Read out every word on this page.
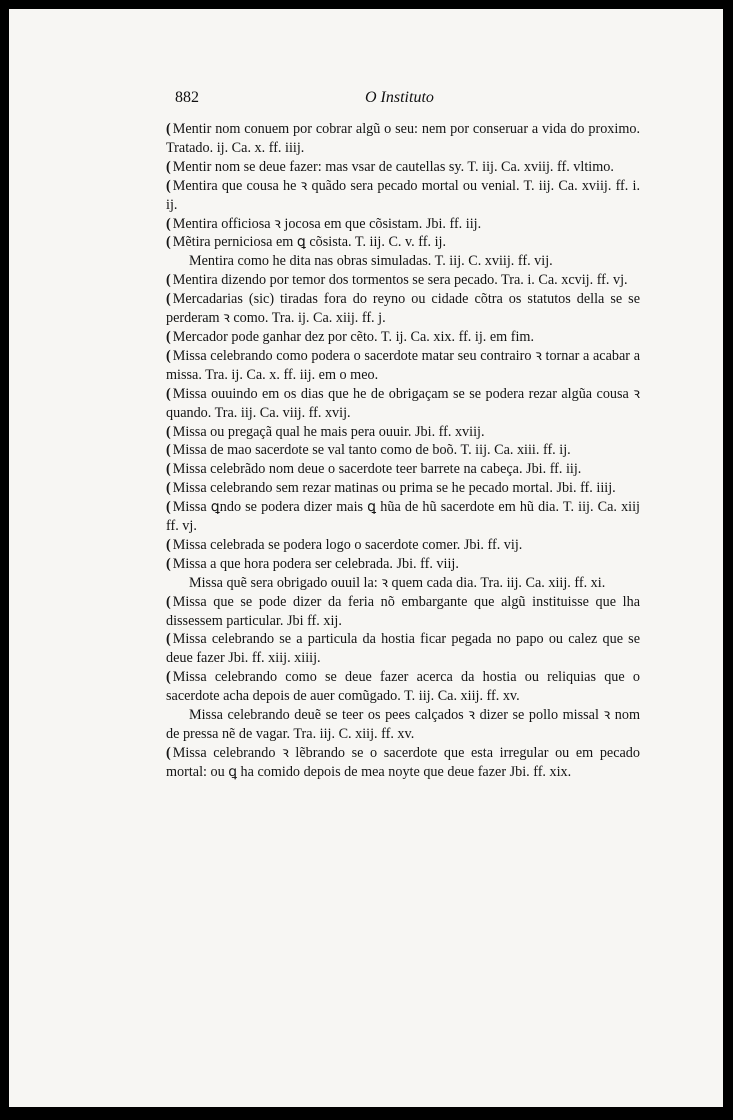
882	O Instituto

( Mentir nom conuem por cobrar algũ o seu: nem por conseruar a vida do proximo. Tratado. ij. Ca. x. ff. iiij.

( Mentir nom se deue fazer: mas vsar de cautellas sy. T. iij. Ca. xviij. ff. vltimo.

( Mentira que cousa he ꝛ quãdo sera pecado mortal ou venial. T. iij. Ca. xviij. ff. i. ij.

( Mentira officiosa ꝛ jocosa em que cõsistam. Jbi. ff. iij.

( Mẽtira perniciosa em ꝗ cõsista. T. iij. C. v. ff. ij.

Mentira como he dita nas obras simuladas. T. iij. C. xviij. ff. vij.

( Mentira dizendo por temor dos tormentos se sera pecado. Tra. i. Ca. xcvij. ff. vj.

( Mercadarias (sic) tiradas fora do reyno ou cidade cõtra os statutos della se se perderam ꝛ como. Tra. ij. Ca. xiij. ff. j.

( Mercador pode ganhar dez por cẽto. T. ij. Ca. xix. ff. ij. em fim.

( Missa celebrando como podera o sacerdote matar seu contrairo ꝛ tornar a acabar a missa. Tra. ij. Ca. x. ff. iij. em o meo.

( Missa ouuindo em os dias que he de obrigaçam se se podera rezar algũa cousa ꝛ quando. Tra. iij. Ca. viij. ff. xvij.

( Missa ou pregaçã qual he mais pera ouuir. Jbi. ff. xviij.

( Missa de mao sacerdote se val tanto como de boõ. T. iij. Ca. xiii. ff. ij.

( Missa celebrãdo nom deue o sacerdote teer barrete na cabeça. Jbi. ff. iij.

( Missa celebrando sem rezar matinas ou prima se he pecado mortal. Jbi. ff. iiij.

( Missa ꝗndo se podera dizer mais ꝗ hũa de hũ sacerdote em hũ dia. T. iij. Ca. xiij ff. vj.

( Missa celebrada se podera logo o sacerdote comer. Jbi. ff. vij.

( Missa a que hora podera ser celebrada. Jbi. ff. viij.

Missa quẽ sera obrigado ouuil la: ꝛ quem cada dia. Tra. iij. Ca. xiij. ff. xi.

( Missa que se pode dizer da feria nõ embargante que algũ instituisse que lha dissessem particular. Jbi ff. xij.

( Missa celebrando se a particula da hostia ficar pegada no papo ou calez que se deue fazer Jbi. ff. xiij. xiiij.

( Missa celebrando como se deue fazer acerca da hostia ou reliquias que o sacerdote acha depois de auer comũgado. T. iij. Ca. xiij. ff. xv.

Missa celebrando deuẽ se teer os pees calçados ꝛ dizer se pollo missal ꝛ nom de pressa nẽ de vagar. Tra. iij. C. xiij. ff. xv.

( Missa celebrando ꝛ lẽbrando se o sacerdote que esta irregular ou em pecado mortal: ou ꝗ ha comido depois de mea noyte que deue fazer Jbi. ff. xix.
